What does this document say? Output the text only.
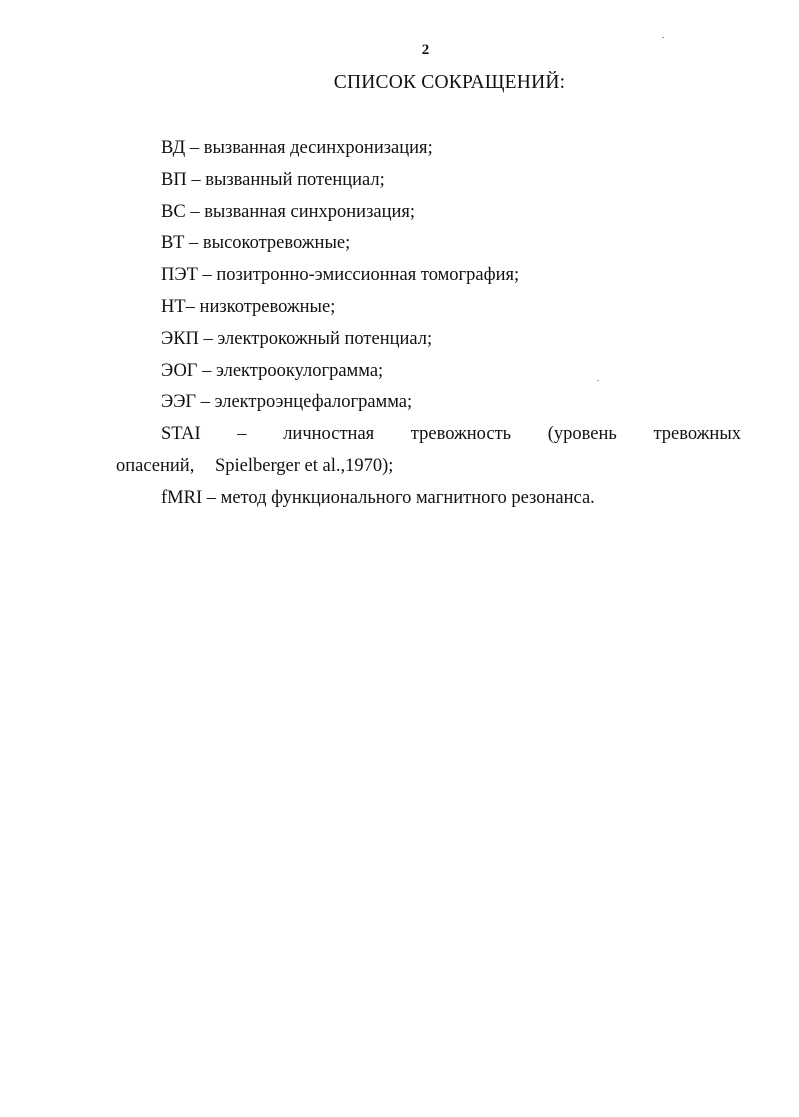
2
СПИСОК СОКРАЩЕНИЙ:
ВД – вызванная десинхронизация;
ВП – вызванный потенциал;
ВС – вызванная синхронизация;
ВТ – высокотревожные;
ПЭТ – позитронно-эмиссионная томография;
НТ– низкотревожные;
ЭКП – электрокожный потенциал;
ЭОГ – электроокулограмма;
ЭЭГ – электроэнцефалограмма;
STAI – личностная тревожность (уровень тревожных опасений, Spielberger et al.,1970);
fMRI – метод функционального магнитного резонанса.
